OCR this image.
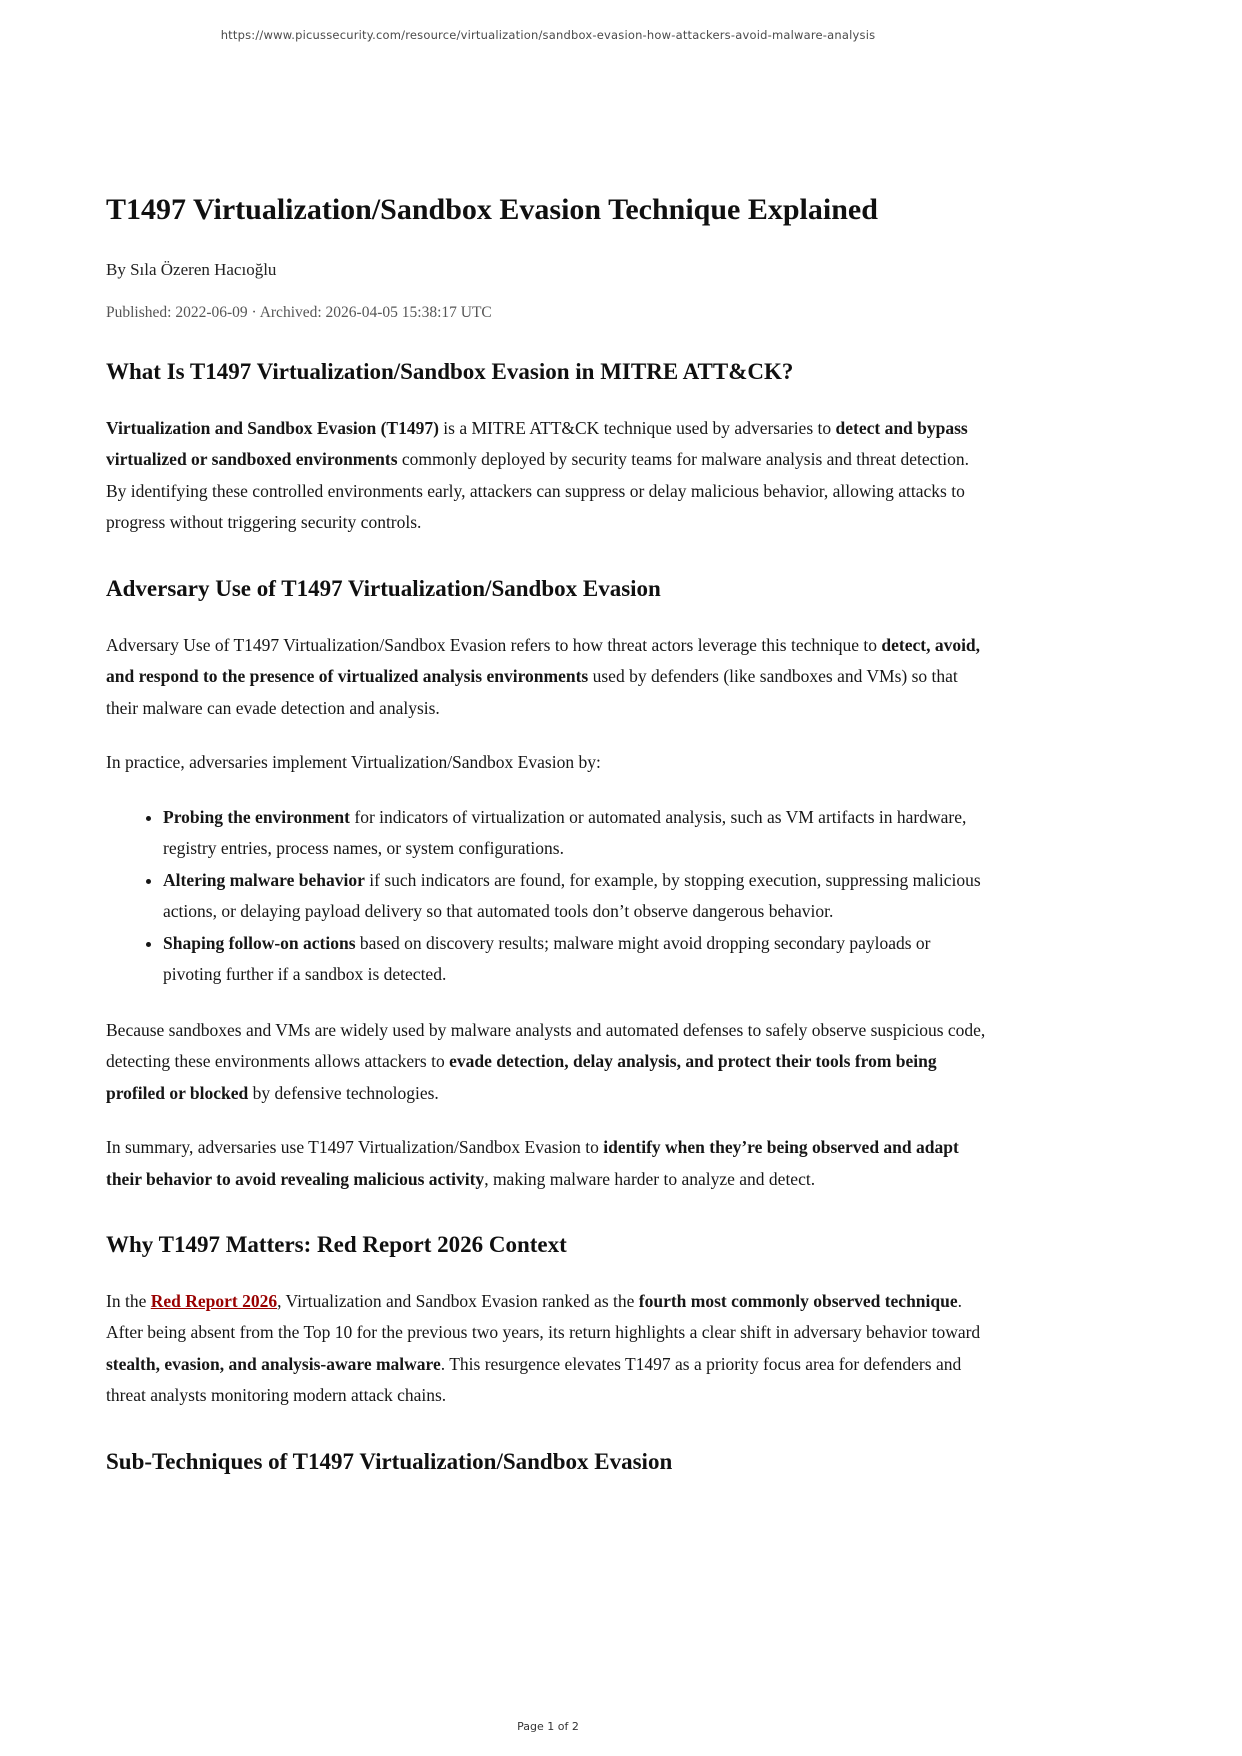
https://www.picussecurity.com/resource/virtualization/sandbox-evasion-how-attackers-avoid-malware-analysis
T1497 Virtualization/Sandbox Evasion Technique Explained
By Sıla Özeren Hacıoğlu
Published: 2022-06-09 · Archived: 2026-04-05 15:38:17 UTC
What Is T1497 Virtualization/Sandbox Evasion in MITRE ATT&CK?

Virtualization and Sandbox Evasion (T1497) is a MITRE ATT&CK technique used by adversaries to detect and bypass virtualized or sandboxed environments commonly deployed by security teams for malware analysis and threat detection. By identifying these controlled environments early, attackers can suppress or delay malicious behavior, allowing attacks to progress without triggering security controls.

Adversary Use of T1497 Virtualization/Sandbox Evasion

Adversary Use of T1497 Virtualization/Sandbox Evasion refers to how threat actors leverage this technique to detect, avoid, and respond to the presence of virtualized analysis environments used by defenders (like sandboxes and VMs) so that their malware can evade detection and analysis.

In practice, adversaries implement Virtualization/Sandbox Evasion by:

• Probing the environment for indicators of virtualization or automated analysis, such as VM artifacts in hardware, registry entries, process names, or system configurations.
• Altering malware behavior if such indicators are found, for example, by stopping execution, suppressing malicious actions, or delaying payload delivery so that automated tools don’t observe dangerous behavior.
• Shaping follow-on actions based on discovery results; malware might avoid dropping secondary payloads or pivoting further if a sandbox is detected.

Because sandboxes and VMs are widely used by malware analysts and automated defenses to safely observe suspicious code, detecting these environments allows attackers to evade detection, delay analysis, and protect their tools from being profiled or blocked by defensive technologies.

In summary, adversaries use T1497 Virtualization/Sandbox Evasion to identify when they’re being observed and adapt their behavior to avoid revealing malicious activity, making malware harder to analyze and detect.

Why T1497 Matters: Red Report 2026 Context

In the Red Report 2026, Virtualization and Sandbox Evasion ranked as the fourth most commonly observed technique. After being absent from the Top 10 for the previous two years, its return highlights a clear shift in adversary behavior toward stealth, evasion, and analysis-aware malware. This resurgence elevates T1497 as a priority focus area for defenders and threat analysts monitoring modern attack chains.

Sub-Techniques of T1497 Virtualization/Sandbox Evasion
Page 1 of 2
